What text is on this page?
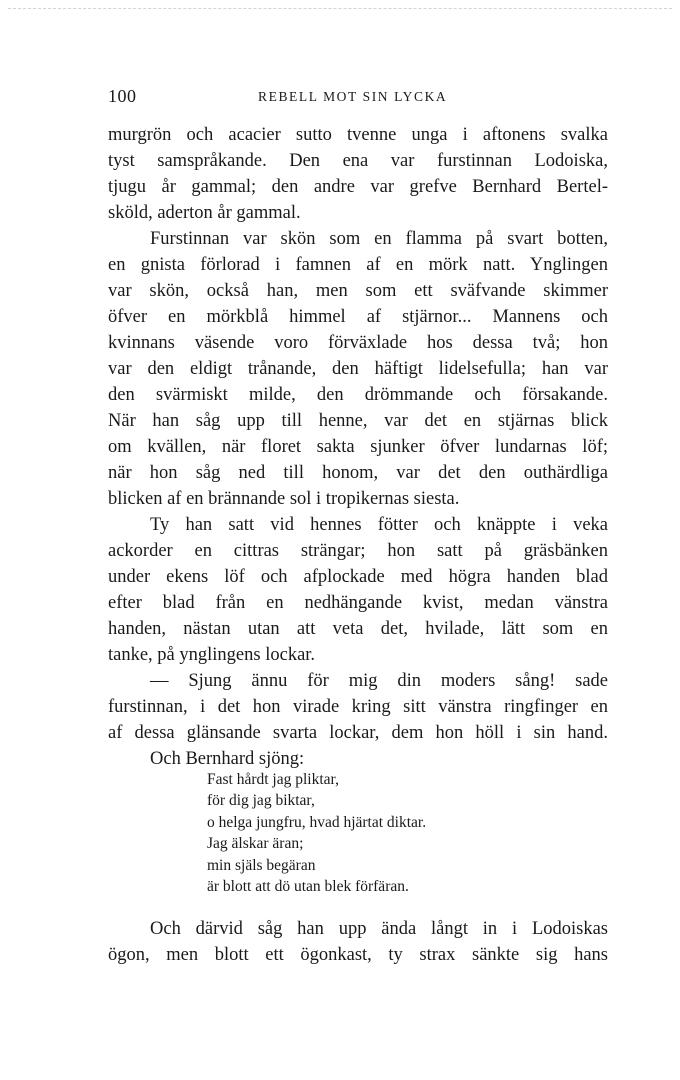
100	REBELL MOT SIN LYCKA
murgrön och acacier sutto tvenne unga i aftonens svalka
tyst samspråkande. Den ena var furstinnan Lodoiska,
tjugu år gammal; den andre var grefve Bernhard Bertel-
sköld, aderton år gammal.
Furstinnan var skön som en flamma på svart botten,
en gnista förlorad i famnen af en mörk natt. Ynglingen
var skön, också han, men som ett sväfvande skimmer
öfver en mörkblå himmel af stjärnor... Mannens och
kvinnans väsende voro förväxlade hos dessa två; hon
var den eldigt trånande, den häftigt lidelsefulla; han var
den svärmiskt milde, den drömmande och försakande.
När han såg upp till henne, var det en stjärnas blick
om kvällen, när floret sakta sjunker öfver lundarnas löf;
när hon såg ned till honom, var det den outhärdliga
blicken af en brännande sol i tropikernas siesta.
Ty han satt vid hennes fötter och knäppte i veka
ackorder en cittras strängar; hon satt på gräsbänken
under ekens löf och afplockade med högra handen blad
efter blad från en nedhängande kvist, medan vänstra
handen, nästan utan att veta det, hvilade, lätt som en
tanke, på ynglingens lockar.
— Sjung ännu för mig din moders sång! sade
furstinnan, i det hon virade kring sitt vänstra ringfinger en
af dessa glänsande svarta lockar, dem hon höll i sin hand.
Och Bernhard sjöng:
Fast hårdt jag pliktar,
för dig jag biktar,
o helga jungfru, hvad hjärtat diktar.
Jag älskar äran;
min själs begäran
är blott att dö utan blek förfäran.
Och därvid såg han upp ända långt in i Lodoiskas
ögon, men blott ett ögonkast, ty strax sänkte sig hans
